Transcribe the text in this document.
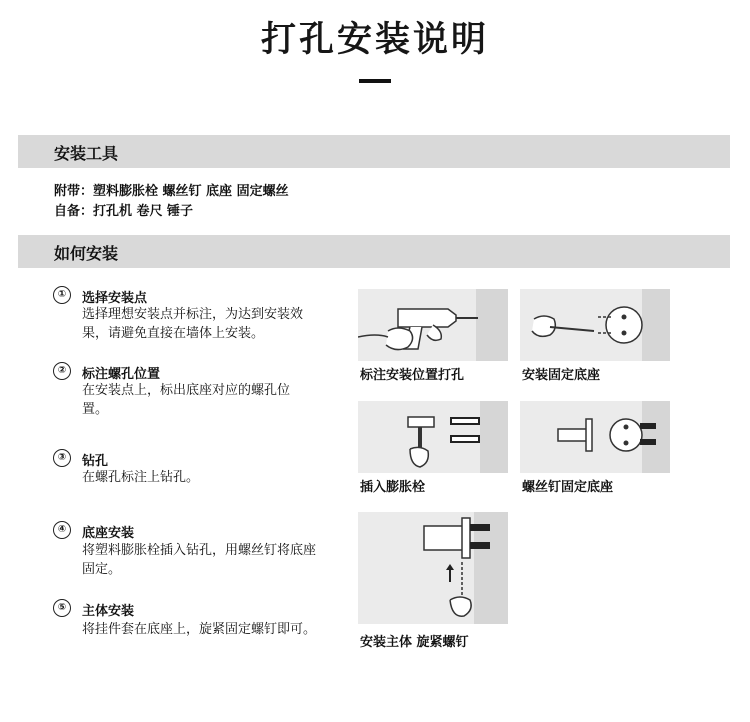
打孔安装说明
安装工具
附带：塑料膨胀栓 螺丝钉 底座 固定螺丝
自备：打孔机 卷尺 锤子
如何安装
①	选择安装点
选择理想安装点并标注，为达到安装效果，请避免直接在墙体上安装。
②	标注螺孔位置
在安装点上，标出底座对应的螺孔位置。
③	钻孔
在螺孔标注上钻孔。
④	底座安装
将塑料膨胀栓插入钻孔，用螺丝钉将底座固定。
⑤	主体安装
将挂件套在底座上，旋紧固定螺钉即可。
标注安装位置打孔	安装固定底座
插入膨胀栓	螺丝钉固定底座
安装主体 旋紧螺钉
